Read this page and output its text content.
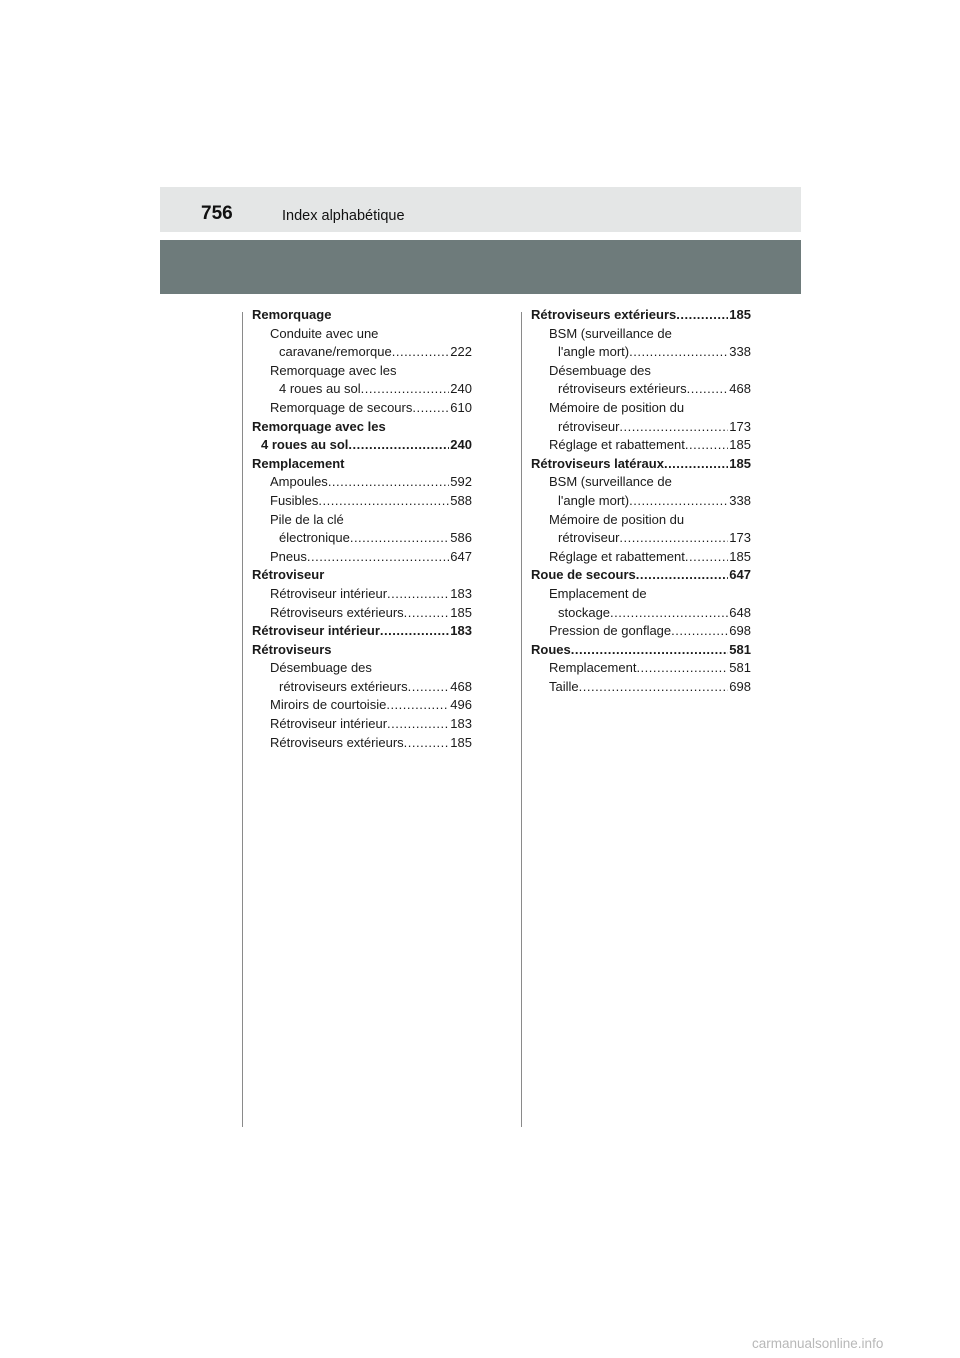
756	Index alphabétique
Remorquage
Conduite avec une
caravane/remorque .....	222
Remorquage avec les
4 roues au sol .....	240
Remorquage de secours .....	610
Remorquage avec les
4 roues au sol .....	240
Remplacement
Ampoules .....	592
Fusibles .....	588
Pile de la clé
électronique .....	586
Pneus .....	647
Rétroviseur
Rétroviseur intérieur .....	183
Rétroviseurs extérieurs .....	185
Rétroviseur intérieur .....	183
Rétroviseurs
Désembuage des
rétroviseurs extérieurs .....	468
Miroirs de courtoisie .....	496
Rétroviseur intérieur .....	183
Rétroviseurs extérieurs .....	185
Rétroviseurs extérieurs .....	185
BSM (surveillance de
l'angle mort) .....	338
Désembuage des
rétroviseurs extérieurs .....	468
Mémoire de position du
rétroviseur .....	173
Réglage et rabattement .....	185
Rétroviseurs latéraux .....	185
BSM (surveillance de
l'angle mort) .....	338
Mémoire de position du
rétroviseur .....	173
Réglage et rabattement .....	185
Roue de secours .....	647
Emplacement de
stockage .....	648
Pression de gonflage .....	698
Roues .....	581
Remplacement .....	581
Taille .....	698
carmanualsonline.info
